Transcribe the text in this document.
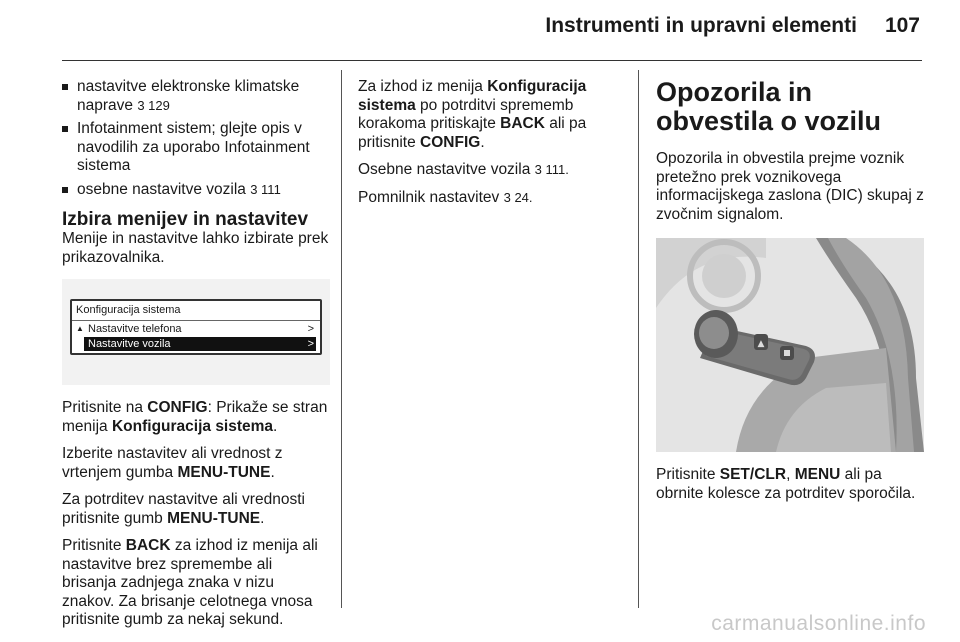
Instrumenti in upravni elementi 107
nastavitve elektronske klimatske naprave 3 129
Infotainment sistem; glejte opis v navodilih za uporabo Infotainment sistema
osebne nastavitve vozila 3 111
Izbira menijev in nastavitev

Menije in nastavitve lahko izbirate prek prikazovalnika.

Konfiguracija sistema
▲ Nastavitve telefona	>
Nastavitve vozila	>

Pritisnite na CONFIG: Prikaže se stran menija Konfiguracija sistema.

Izberite nastavitev ali vrednost z vrtenjem gumba MENU-TUNE.

Za potrditev nastavitve ali vrednosti pritisnite gumb MENU-TUNE.

Pritisnite BACK za izhod iz menija ali nastavitve brez spremembe ali brisanja zadnjega znaka v nizu znakov. Za brisanje celotnega vnosa pritisnite gumb za nekaj sekund.

Za izhod iz menija Konfiguracija sistema po potrditvi sprememb korakoma pritiskajte BACK ali pa pritisnite CONFIG.

Osebne nastavitve vozila 3 111.

Pomnilnik nastavitev 3 24.

Opozorila in obvestila o vozilu

Opozorila in obvestila prejme voznik pretežno prek voznikovega informacijskega zaslona (DIC) skupaj z zvočnim signalom.

▲

Pritisnite SET/CLR, MENU ali pa obrnite kolesce za potrditev sporočila.

carmanualsonline.info
